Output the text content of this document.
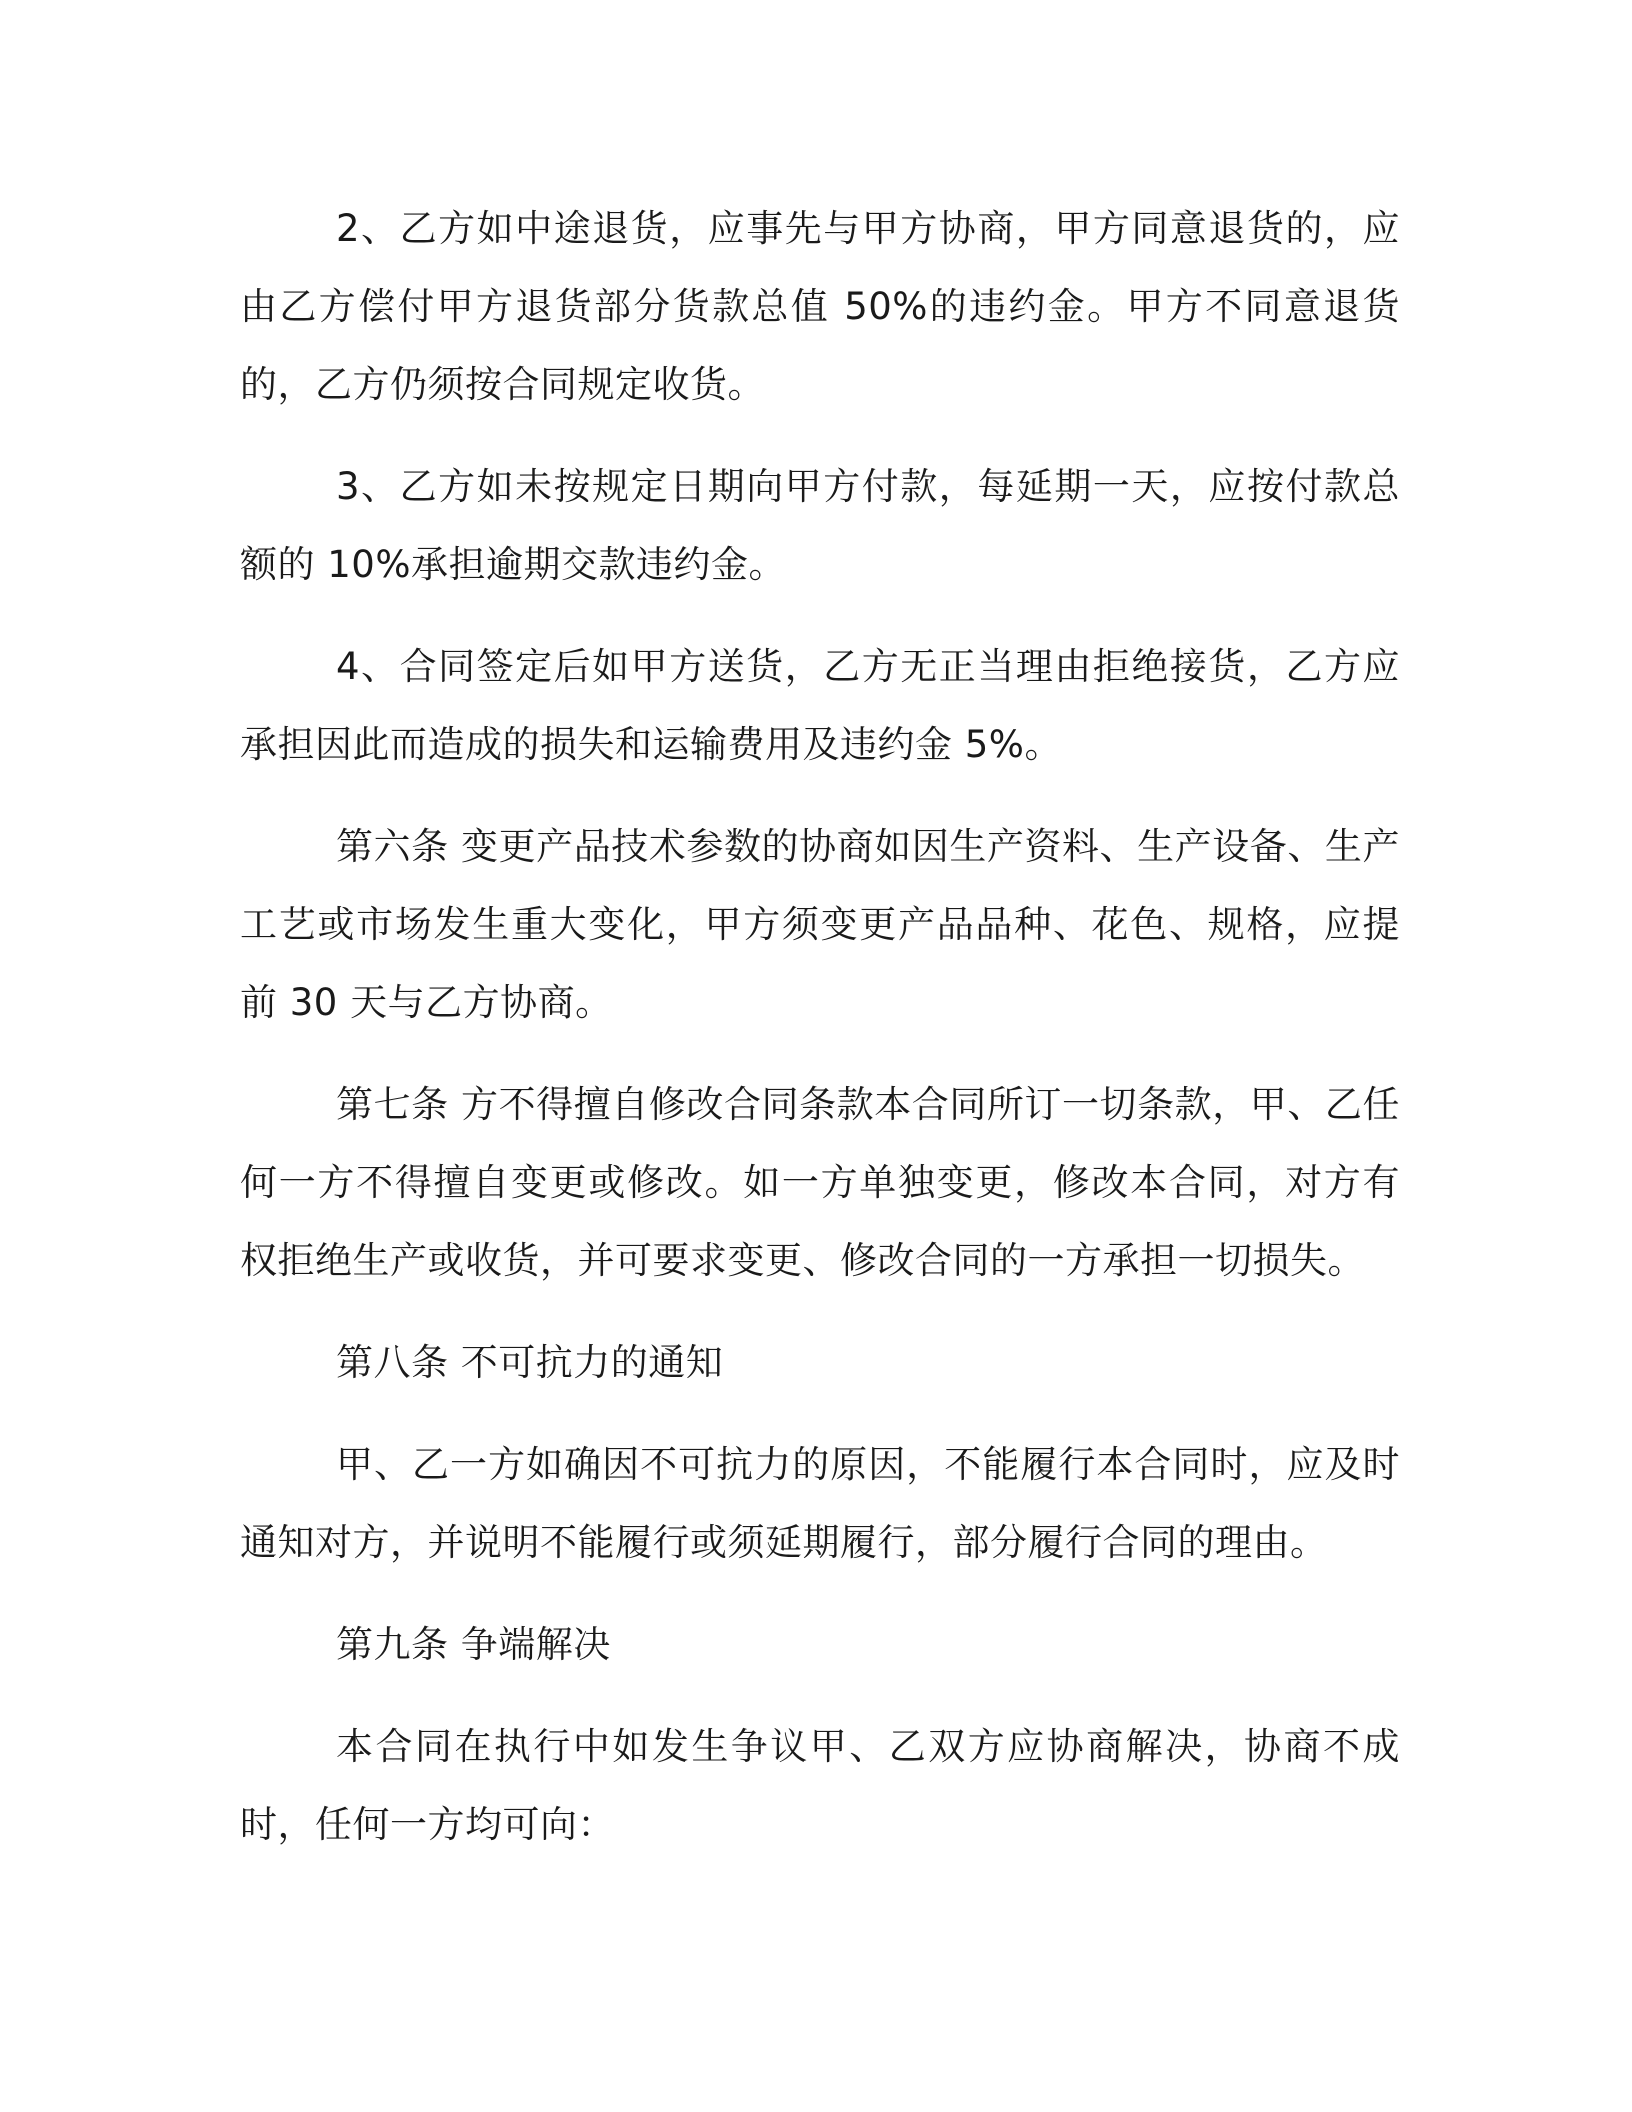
2、乙方如中途退货，应事先与甲方协商，甲方同意退货的，应由乙方偿付甲方退货部分货款总值 50%的违约金。甲方不同意退货的，乙方仍须按合同规定收货。

3、乙方如未按规定日期向甲方付款，每延期一天，应按付款总额的 10%承担逾期交款违约金。

4、合同签定后如甲方送货，乙方无正当理由拒绝接货，乙方应承担因此而造成的损失和运输费用及违约金 5%。

第六条 变更产品技术参数的协商如因生产资料、生产设备、生产工艺或市场发生重大变化，甲方须变更产品品种、花色、规格，应提前 30 天与乙方协商。

第七条 方不得擅自修改合同条款本合同所订一切条款，甲、乙任何一方不得擅自变更或修改。如一方单独变更，修改本合同，对方有权拒绝生产或收货，并可要求变更、修改合同的一方承担一切损失。

第八条 不可抗力的通知

甲、乙一方如确因不可抗力的原因，不能履行本合同时，应及时通知对方，并说明不能履行或须延期履行，部分履行合同的理由。

第九条 争端解决

本合同在执行中如发生争议甲、乙双方应协商解决，协商不成时，任何一方均可向：
